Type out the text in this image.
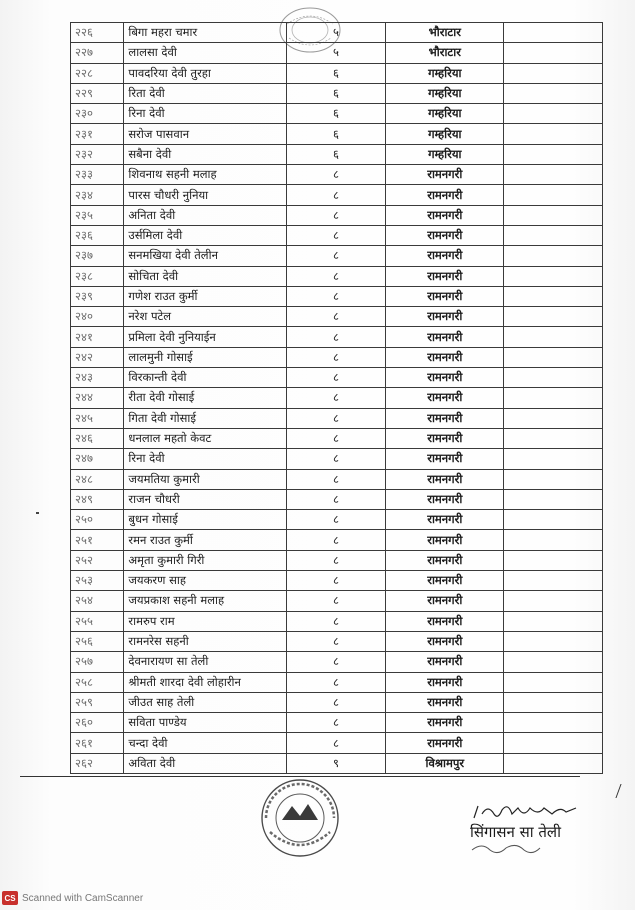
२२६	बिगा महरा चमार	५	भौराटार	
२२७	लालसा देवी	५	भौराटार	
२२८	पावदरिया देवी तुरहा	६	गम्हरिया	
२२९	रिता देवी	६	गम्हरिया	
२३०	रिना देवी	६	गम्हरिया	
२३१	सरोज पासवान	६	गम्हरिया	
२३२	सबैना देवी	६	गम्हरिया	
२३३	शिवनाथ सहनी मलाह	८	रामनगरी	
२३४	पारस चौधरी नुनिया	८	रामनगरी	
२३५	अनिता देवी	८	रामनगरी	
२३६	उर्समिला देवी	८	रामनगरी	
२३७	सनमखिया देवी तेलीन	८	रामनगरी	
२३८	सोचिता देवी	८	रामनगरी	
२३९	गणेश राउत कुर्मी	८	रामनगरी	
२४०	नरेश पटेल	८	रामनगरी	
२४१	प्रमिला देवी नुनियाईन	८	रामनगरी	
२४२	लालमुनी गोसाई	८	रामनगरी	
२४३	विरकान्ती देवी	८	रामनगरी	
२४४	रीता देवी गोसाई	८	रामनगरी	
२४५	गिता देवी गोसाई	८	रामनगरी	
२४६	धनलाल महतो केवट	८	रामनगरी	
२४७	रिना देवी	८	रामनगरी	
२४८	जयमतिया कुमारी	८	रामनगरी	
२४९	राजन चौधरी	८	रामनगरी	
२५०	बुधन गोसाई	८	रामनगरी	
२५१	रमन राउत कुर्मी	८	रामनगरी	
२५२	अमृता कुमारी गिरी	८	रामनगरी	
२५३	जयकरण साह	८	रामनगरी	
२५४	जयप्रकाश सहनी मलाह	८	रामनगरी	
२५५	रामरुप राम	८	रामनगरी	
२५६	रामनरेस सहनी	८	रामनगरी	
२५७	देवनारायण सा तेली	८	रामनगरी	
२५८	श्रीमती शारदा देवी लोहारीन	८	रामनगरी	
२५९	जीउत साह तेली	८	रामनगरी	
२६०	सविता पाण्डेय	८	रामनगरी	
२६१	चन्दा देवी	८	रामनगरी	
२६२	अविता देवी	९	विश्रामपुर	
सिंगासन सा तेली
CS Scanned with CamScanner
